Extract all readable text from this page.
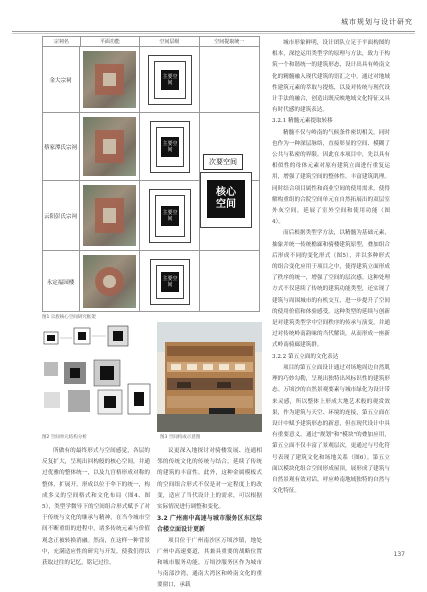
城市规划与设计研究
宗祠名	平面功能	空间层级	空间提取统一
金大宗祠
主要空间
蔡家潭氏宗祠
主要空间
云阳彭氏宗祠
主要空间
永定福园楼
主要空间
次要空间
核心空间
图1 宗族核心空间研究框架
图2 空间单元结构分析	图3 空间构成示意图

所做有的最终形式与空间感觉，各层的反复扩大，呈现出回构般的核心空间，并通过优雅的整体统一，以及九宫格形成对称的整体，扩展开，形成以位于伞下的统一，构成多义的空间格式和文化布局（图4、图5），类型学微导下的空间组合形式赋予了对于传统与文化的继承与精神，在当今城市空间不断重组的进程中，诸多传统元素与价值观念正被转换消融。然而，在这样一种背景中，充满适应性的研究与开发，使我们得以获取过往的记忆，铭记过往。

议更深入地探讨对骑楼发展、连通相邻的传统文化的传统与结合，延续了传统的建筑的丰富性。此外，这种金属模板式的空间组合形式不仅是对一定程度上的改变，适应了当代设计上的需求，可以根据实际情况进行调整和变化。

3.2 广州南中高速与城市服务区东区综合楼立面设计更新

项目位于广州南沙区万顷沙镇，地处广州中高速要道，其兼具重要的战略位置和城市服务功能。万顷沙服务区作为城市与南部沙湾，通南大湾区和岭南文化的重要窗口，承载

城市形象鲜明，设计团队立足于平面构图的根本，深挖运用类型学的原理与方法，致力于构筑一个和谐统一的建筑形态，设计出具有岭南文化的精髓融入现代建筑的语汇之中。通过对地域性建筑元素的萃取与提炼，以及对传统与现代设计手法的融合，创造出既反映地域文化特征又具有时代感的建筑表达。

3.2.1 精髓元素提取转移

精髓不仅与岭南的气候条件密切相关，同时也作为一种深层脉络，直接彰显的空间、模糊了公共与私密的界限。因此在本项目中，先以具有相似性的母体元素对原有建筑立面进行重复运用，增强了建筑空间的整体性、丰富建筑肌理。同时结合项目属性和商业空间的使用需求，使得解构重组的合院空间单元在自然拓展出的双层室外灰空间，延展了室外空间和使用功能（图4）。

而后根据类型学方法，以精髓为基础元素，抽象并统一传统檐廊和骑楼建筑原型，叠加组合后形成不同的变化形式（图5），并以多种形式的组合变化应用于项目之中，使得建筑立面形成了秩序的统一，增强了空间的层次感。这种处理方式不仅延续了传统的建筑功能类型，还实现了建筑与周围城市的有机交互，进一步提升了空间的使用价值和体验感受。这种类型的延续与创新是对建筑类型学中空间秩序的传承与演变，并通过对传统岭南韵味的当代解读，从而形成一座新式岭南骑廊建筑群。

3.2.2 第五立面的文化表达

项目的第五立面设计通过对场地周边自然肌理的巧妙勾勒，呈现出独特出风标识性的建筑形态。万顷沙的自然景观要素与城市绿化为设计带来灵感，所以整体上形成大地艺术般的观赏效果，作为建筑与天空、环境的连接，第五立面在设计中赋予建筑形态的新意，但在现代设计中具有重要意义。通过"规划"和"模块"的叠加应用，第五立面不仅丰富了景观层次，更通过与号化符号表现了建筑文化和场地关系（图6）。第五立面以模块化组合空间形成屋顶，展形成了建筑与自然景观有效对话，呼应岭南地域独特的自然与文化特征。

137
